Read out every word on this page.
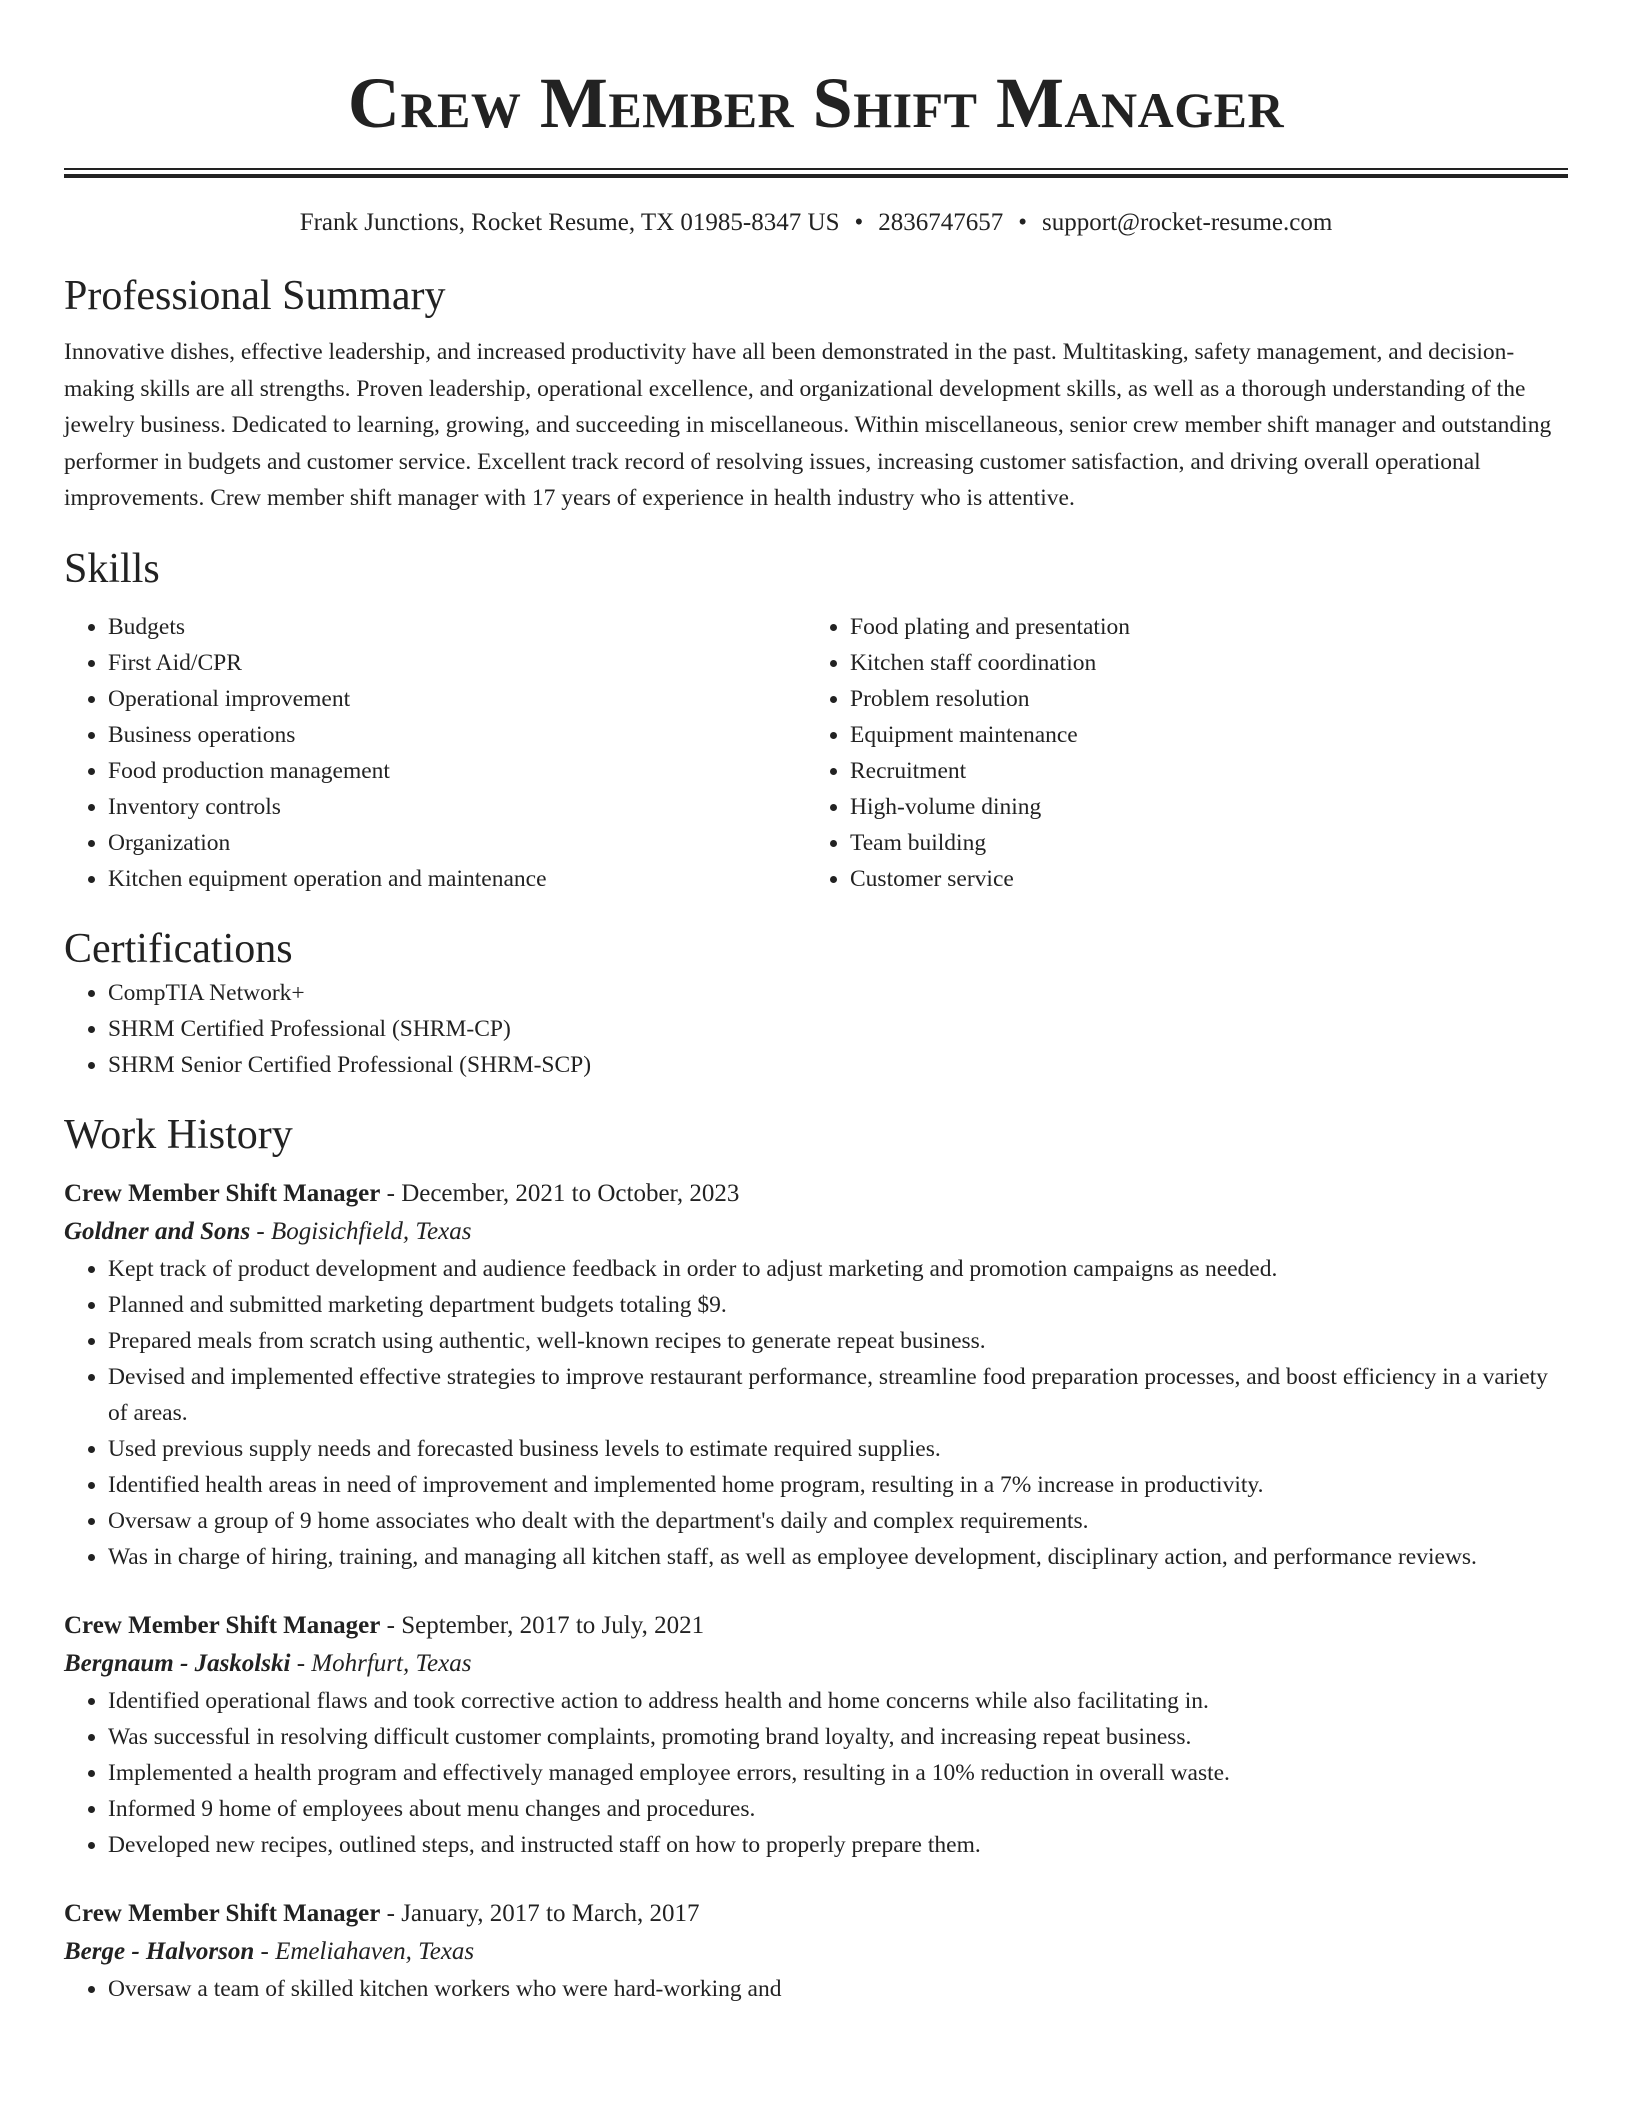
Crew Member Shift Manager
Frank Junctions, Rocket Resume, TX 01985-8347 US • 2836747657 • support@rocket-resume.com
Professional Summary
Innovative dishes, effective leadership, and increased productivity have all been demonstrated in the past. Multitasking, safety management, and decision-making skills are all strengths. Proven leadership, operational excellence, and organizational development skills, as well as a thorough understanding of the jewelry business. Dedicated to learning, growing, and succeeding in miscellaneous. Within miscellaneous, senior crew member shift manager and outstanding performer in budgets and customer service. Excellent track record of resolving issues, increasing customer satisfaction, and driving overall operational improvements. Crew member shift manager with 17 years of experience in health industry who is attentive.
Skills
• Budgets
• First Aid/CPR
• Operational improvement
• Business operations
• Food production management
• Inventory controls
• Organization
• Kitchen equipment operation and maintenance
• Food plating and presentation
• Kitchen staff coordination
• Problem resolution
• Equipment maintenance
• Recruitment
• High-volume dining
• Team building
• Customer service
Certifications
• CompTIA Network+
• SHRM Certified Professional (SHRM-CP)
• SHRM Senior Certified Professional (SHRM-SCP)
Work History
Crew Member Shift Manager - December, 2021 to October, 2023
Goldner and Sons - Bogisichfield, Texas
• Kept track of product development and audience feedback in order to adjust marketing and promotion campaigns as needed.
• Planned and submitted marketing department budgets totaling $9.
• Prepared meals from scratch using authentic, well-known recipes to generate repeat business.
• Devised and implemented effective strategies to improve restaurant performance, streamline food preparation processes, and boost efficiency in a variety of areas.
• Used previous supply needs and forecasted business levels to estimate required supplies.
• Identified health areas in need of improvement and implemented home program, resulting in a 7% increase in productivity.
• Oversaw a group of 9 home associates who dealt with the department's daily and complex requirements.
• Was in charge of hiring, training, and managing all kitchen staff, as well as employee development, disciplinary action, and performance reviews.
Crew Member Shift Manager - September, 2017 to July, 2021
Bergnaum - Jaskolski - Mohrfurt, Texas
• Identified operational flaws and took corrective action to address health and home concerns while also facilitating in.
• Was successful in resolving difficult customer complaints, promoting brand loyalty, and increasing repeat business.
• Implemented a health program and effectively managed employee errors, resulting in a 10% reduction in overall waste.
• Informed 9 home of employees about menu changes and procedures.
• Developed new recipes, outlined steps, and instructed staff on how to properly prepare them.
Crew Member Shift Manager - January, 2017 to March, 2017
Berge - Halvorson - Emeliahaven, Texas
• Oversaw a team of skilled kitchen workers who were hard-working and
